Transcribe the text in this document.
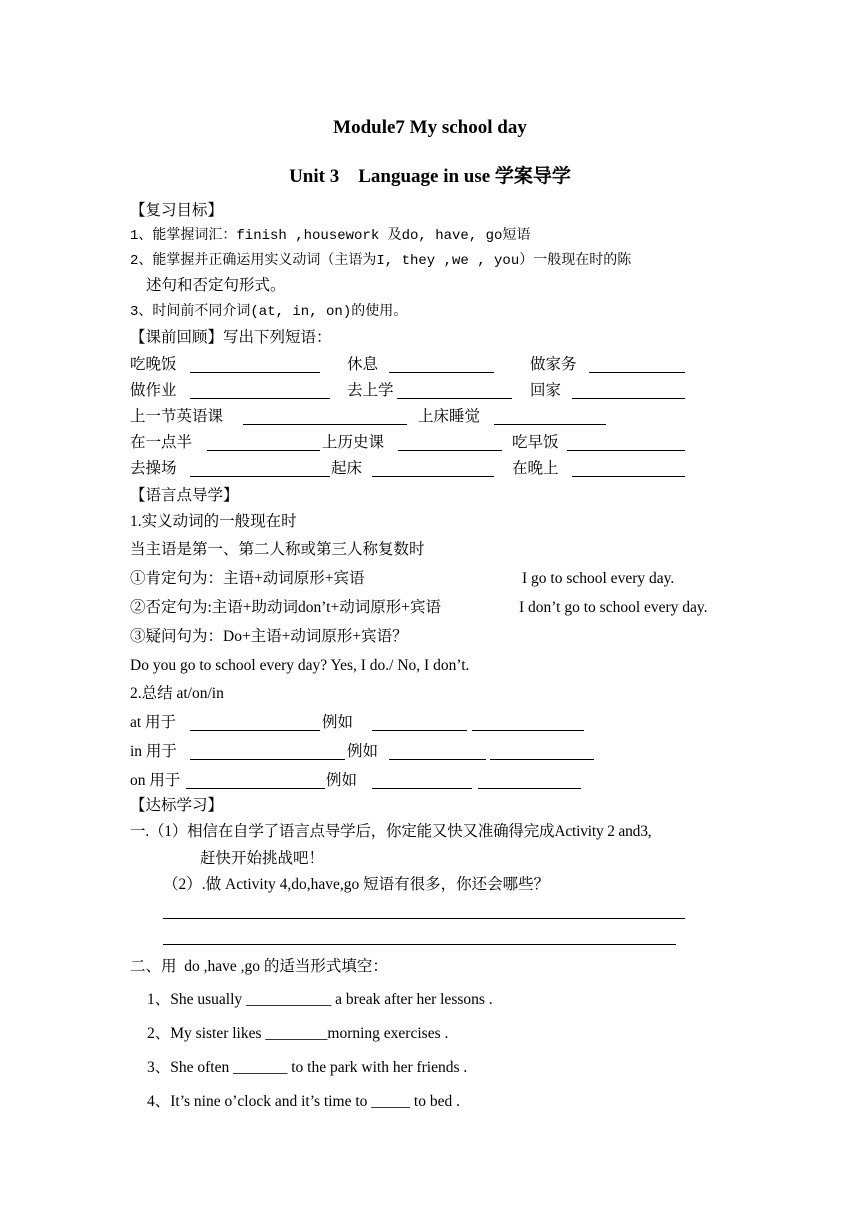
Module7 My school day
Unit 3    Language in use 学案导学
【复习目标】
1、能掌握词汇：finish ,housework 及do, have, go短语
2、能掌握并正确运用实义动词（主语为I, they ,we , you）一般现在时的陈
述句和否定句形式。
3、时间前不同介词(at, in, on)的使用。
【课前回顾】写出下列短语：
吃晚饭	休息	做家务
做作业	去上学	回家
上一节英语课	上床睡觉
在一点半	上历史课	吃早饭
去操场	起床	在晚上
【语言点导学】
1.实义动词的一般现在时
当主语是第一、第二人称或第三人称复数时
①肯定句为：主语+动词原形+宾语	I go to school every day.
②否定句为:主语+助动词don’t+动词原形+宾语	I don’t go to school every day.
③疑问句为：Do+主语+动词原形+宾语？
Do you go to school every day? Yes, I do./ No, I don’t.
2.总结 at/on/in
at 用于	例如
in 用于	例如
on 用于	例如
【达标学习】
一.（1）相信在自学了语言点导学后，你定能又快又准确得完成Activity 2 and3,
赶快开始挑战吧！
（2）.做 Activity 4,do,have,go 短语有很多，你还会哪些？
二、用  do ,have ,go 的适当形式填空：
1、She usually ___________ a break after her lessons .
2、My sister likes ________morning exercises .
3、She often _______ to the park with her friends .
4、It’s nine o’clock and it’s time to _____ to bed .
